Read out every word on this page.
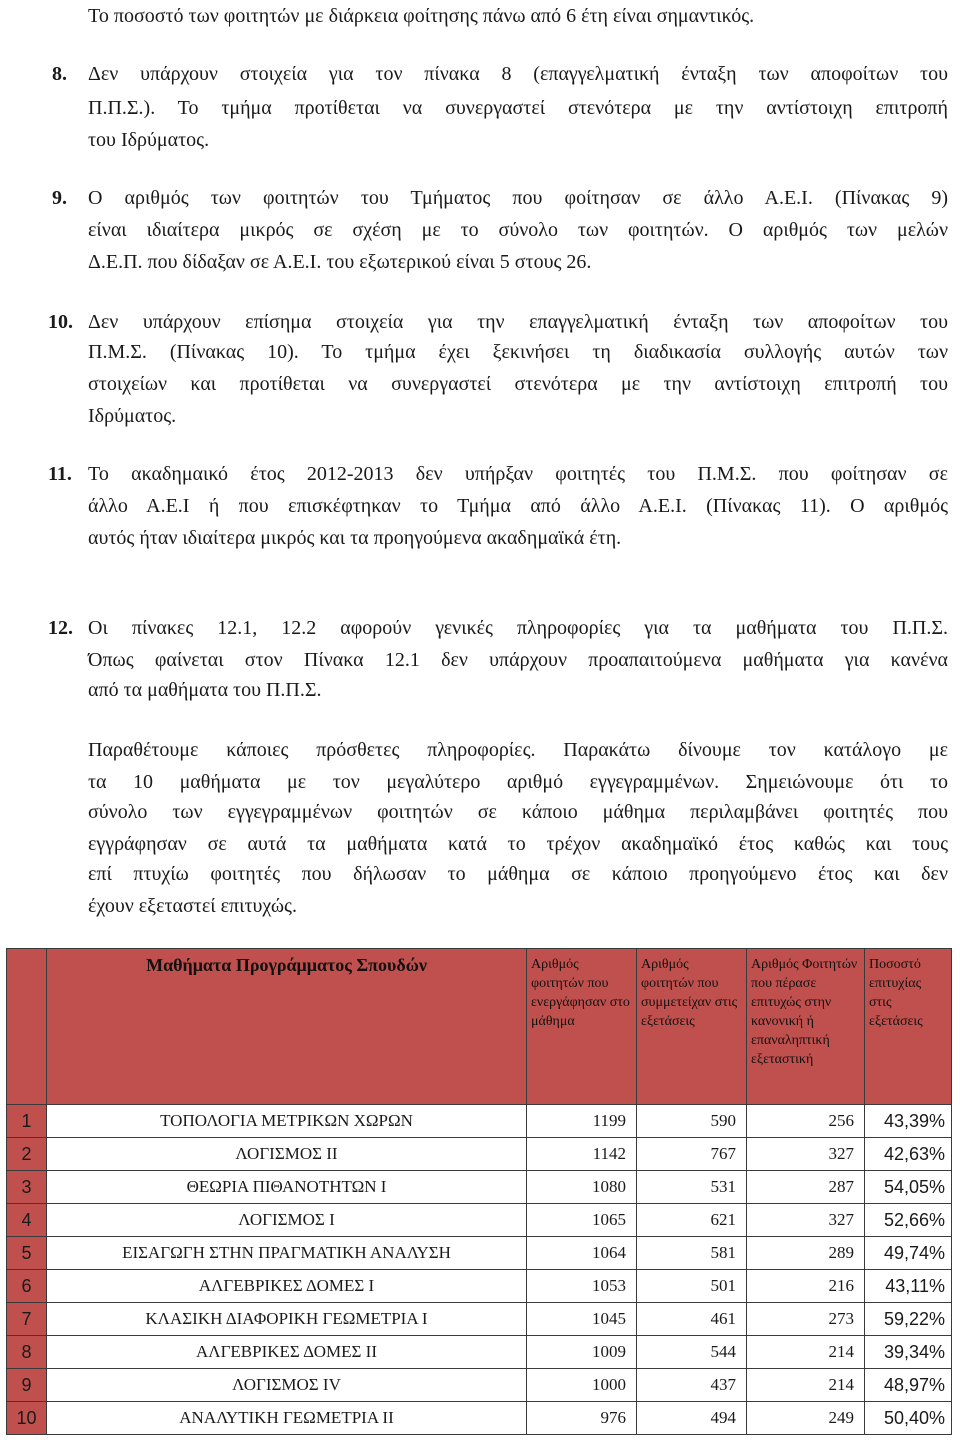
Το ποσοστό των φοιτητών με διάρκεια φοίτησης πάνω από 6 έτη είναι σημαντικός.
8. Δεν υπάρχουν στοιχεία για τον πίνακα 8 (επαγγελματική ένταξη των αποφοίτων του
Π.Π.Σ.). Το τμήμα προτίθεται να συνεργαστεί στενότερα με την αντίστοιχη επιτροπή
του Ιδρύματος.
9. Ο αριθμός των φοιτητών του Τμήματος που φοίτησαν σε άλλο Α.Ε.Ι. (Πίνακας 9)
είναι ιδιαίτερα μικρός σε σχέση με το σύνολο των φοιτητών. Ο αριθμός των μελών
Δ.Ε.Π. που δίδαξαν σε Α.Ε.Ι. του εξωτερικού είναι 5 στους 26.
10. Δεν υπάρχουν επίσημα στοιχεία για την επαγγελματική ένταξη των αποφοίτων του
Π.Μ.Σ. (Πίνακας 10). Το τμήμα έχει ξεκινήσει τη διαδικασία συλλογής αυτών των
στοιχείων και προτίθεται να συνεργαστεί στενότερα με την αντίστοιχη επιτροπή του
Ιδρύματος.
11. Το ακαδημαικό έτος 2012-2013 δεν υπήρξαν φοιτητές του Π.Μ.Σ. που φοίτησαν σε
άλλο Α.Ε.Ι ή που επισκέφτηκαν το Τμήμα από άλλο Α.Ε.Ι. (Πίνακας 11). Ο αριθμός
αυτός ήταν ιδιαίτερα μικρός και τα προηγούμενα ακαδημαϊκά έτη.
12. Οι πίνακες 12.1, 12.2 αφορούν γενικές πληροφορίες για τα μαθήματα του Π.Π.Σ.
Όπως φαίνεται στον Πίνακα 12.1 δεν υπάρχουν προαπαιτούμενα μαθήματα για κανένα
από τα μαθήματα του Π.Π.Σ.
Παραθέτουμε κάποιες πρόσθετες πληροφορίες. Παρακάτω δίνουμε τον κατάλογο με
τα 10 μαθήματα με τον μεγαλύτερο αριθμό εγγεγραμμένων. Σημειώνουμε ότι το
σύνολο των εγγεγραμμένων φοιτητών σε κάποιο μάθημα περιλαμβάνει φοιτητές που
εγγράφησαν σε αυτά τα μαθήματα κατά το τρέχον ακαδημαϊκό έτος καθώς και τους
επί πτυχίω φοιτητές που δήλωσαν το μάθημα σε κάποιο προηγούμενο έτος και δεν
έχουν εξεταστεί επιτυχώς.
	Μαθήματα Προγράμματος Σπουδών	Αριθμός φοιτητών που ενεργάφησαν στο μάθημα	Αριθμός φοιτητών που συμμετείχαν στις εξετάσεις	Αριθμός Φοιτητών που πέρασε επιτυχώς στην κανονική ή επαναληπτική εξεταστική	Ποσοστό επιτυχίας στις εξετάσεις
1	ΤΟΠΟΛΟΓΙΑ ΜΕΤΡΙΚΩΝ ΧΩΡΩΝ	1199	590	256	43,39%
2	ΛΟΓΙΣΜΟΣ ΙΙ	1142	767	327	42,63%
3	ΘΕΩΡΙΑ ΠΙΘΑΝΟΤΗΤΩΝ Ι	1080	531	287	54,05%
4	ΛΟΓΙΣΜΟΣ Ι	1065	621	327	52,66%
5	ΕΙΣΑΓΩΓΗ ΣΤΗΝ ΠΡΑΓΜΑΤΙΚΗ ΑΝΑΛΥΣΗ	1064	581	289	49,74%
6	ΑΛΓΕΒΡΙΚΕΣ ΔΟΜΕΣ Ι	1053	501	216	43,11%
7	ΚΛΑΣΙΚΗ ΔΙΑΦΟΡΙΚΗ ΓΕΩΜΕΤΡΙΑ Ι	1045	461	273	59,22%
8	ΑΛΓΕΒΡΙΚΕΣ ΔΟΜΕΣ ΙΙ	1009	544	214	39,34%
9	ΛΟΓΙΣΜΟΣ ΙV	1000	437	214	48,97%
10	ΑΝΑΛΥΤΙΚΗ ΓΕΩΜΕΤΡΙΑ ΙΙ	976	494	249	50,40%
